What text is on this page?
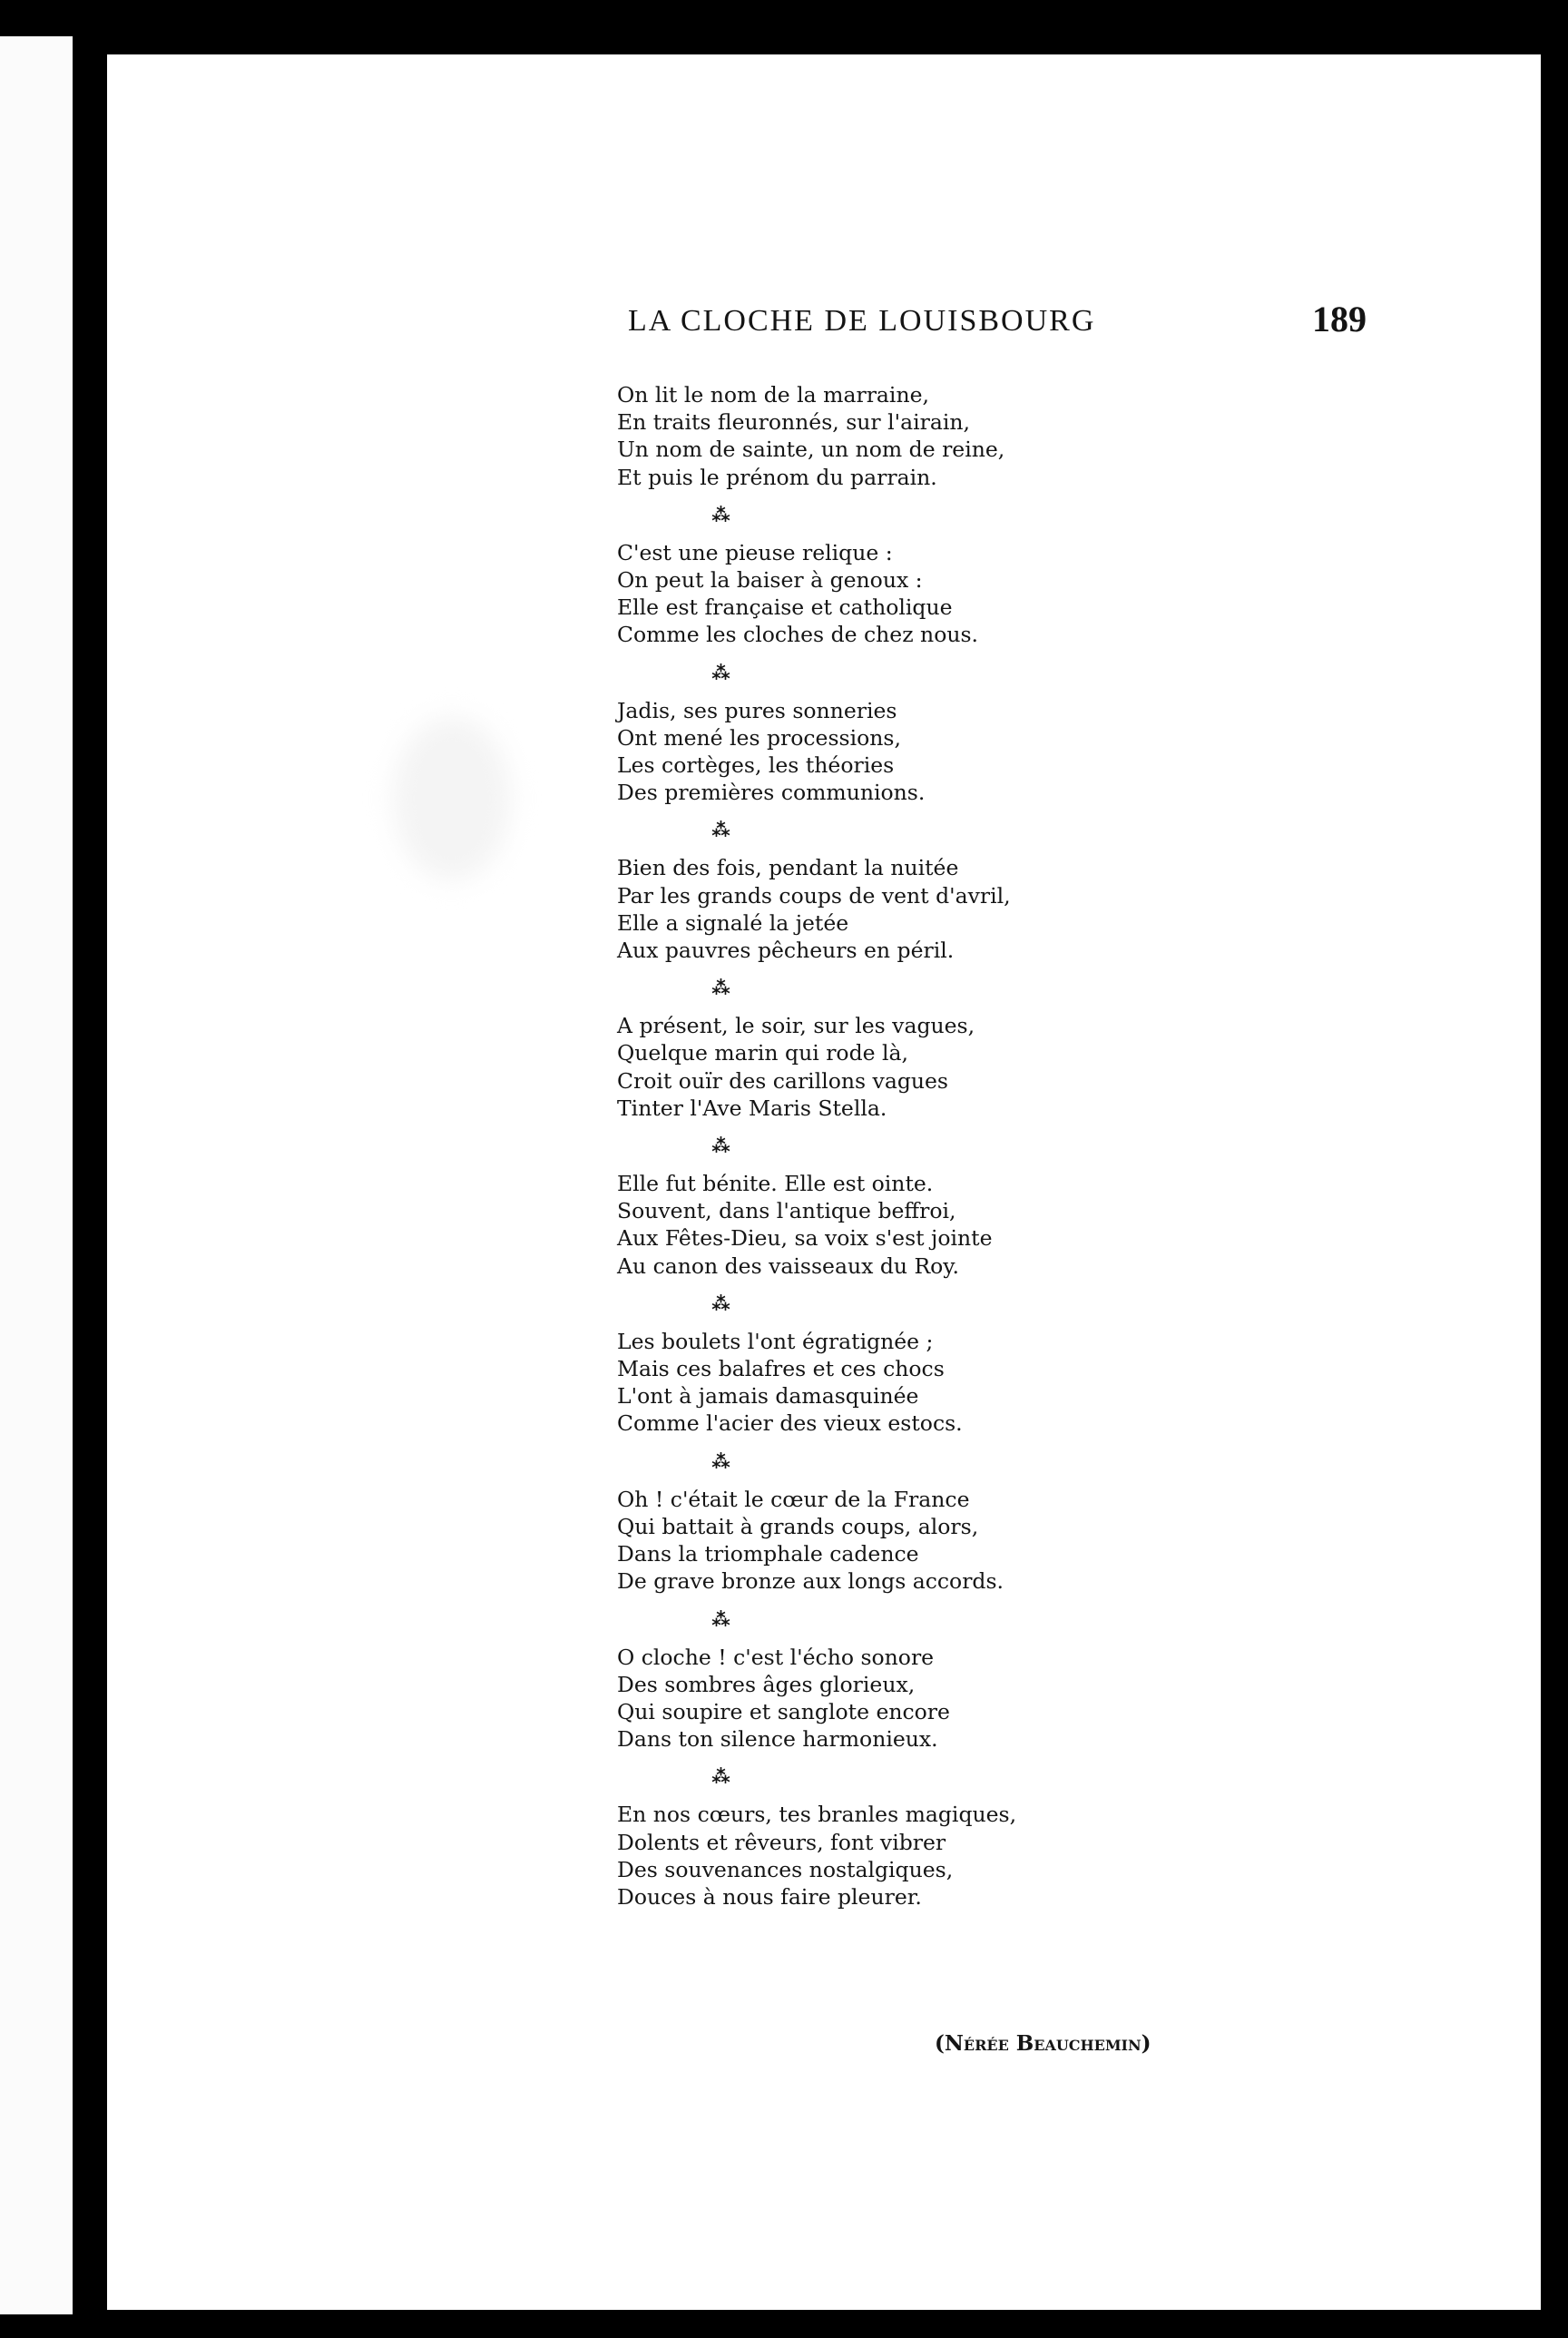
LA CLOCHE DE LOUISBOURG	189
On lit le nom de la marraine,
En traits fleuronnés, sur l'airain,
Un nom de sainte, un nom de reine,
Et puis le prénom du parrain.
⁂
C'est une pieuse relique :
On peut la baiser à genoux :
Elle est française et catholique
Comme les cloches de chez nous.
⁂
Jadis, ses pures sonneries
Ont mené les processions,
Les cortèges, les théories
Des premières communions.
⁂
Bien des fois, pendant la nuitée
Par les grands coups de vent d'avril,
Elle a signalé la jetée
Aux pauvres pêcheurs en péril.
⁂
A présent, le soir, sur les vagues,
Quelque marin qui rode là,
Croit ouïr des carillons vagues
Tinter l'Ave Maris Stella.
⁂
Elle fut bénite. Elle est ointe.
Souvent, dans l'antique beffroi,
Aux Fêtes-Dieu, sa voix s'est jointe
Au canon des vaisseaux du Roy.
⁂
Les boulets l'ont égratignée ;
Mais ces balafres et ces chocs
L'ont à jamais damasquinée
Comme l'acier des vieux estocs.
⁂
Oh ! c'était le cœur de la France
Qui battait à grands coups, alors,
Dans la triomphale cadence
De grave bronze aux longs accords.
⁂
O cloche ! c'est l'écho sonore
Des sombres âges glorieux,
Qui soupire et sanglote encore
Dans ton silence harmonieux.
⁂
En nos cœurs, tes branles magiques,
Dolents et rêveurs, font vibrer
Des souvenances nostalgiques,
Douces à nous faire pleurer.
(Nérée Beauchemin)
